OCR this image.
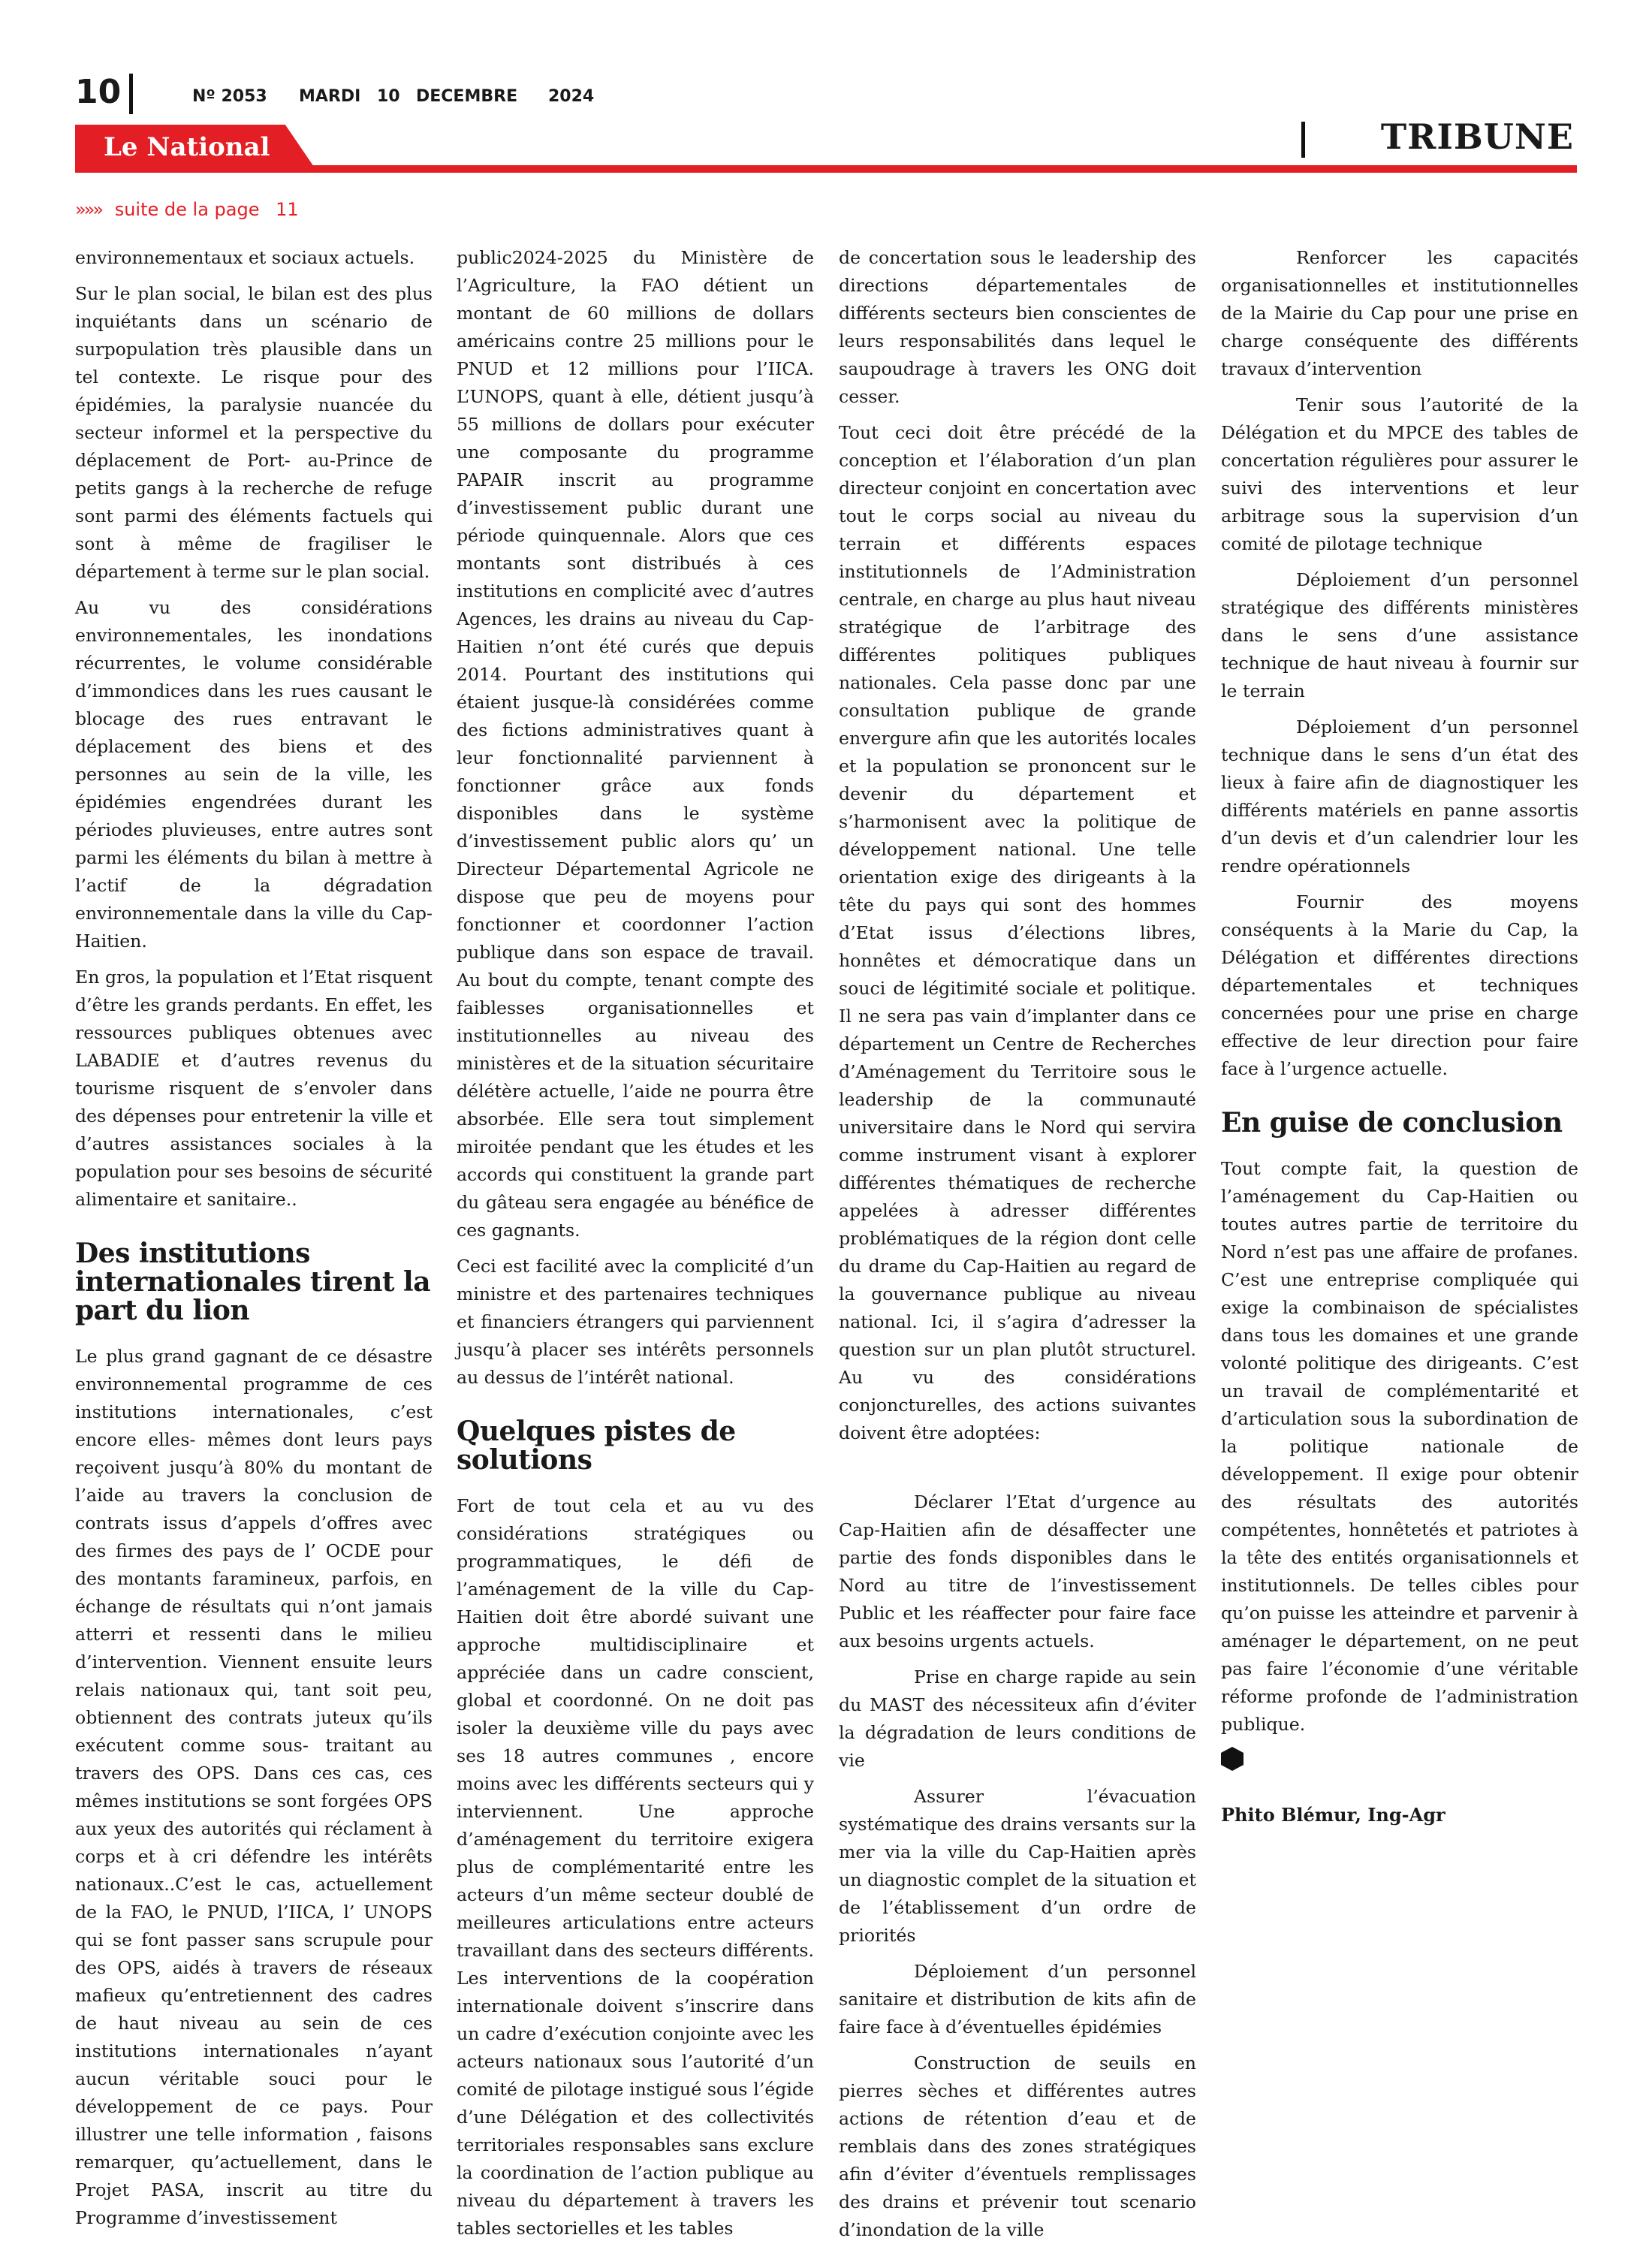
10	Nº 2053 MARDI 10 DECEMBRE 2024
TRIBUNE
Le National
»»» suite de la page 11

environnementaux et sociaux actuels.

Sur le plan social, le bilan est des plus inquiétants dans un scénario de surpopulation très plausible dans un tel contexte. Le risque pour des épidémies, la paralysie nuancée du secteur informel et la perspective du déplacement de Port- au-Prince de petits gangs à la recherche de refuge sont parmi des éléments factuels qui sont à même de fragiliser le département à terme sur le plan social.

Au vu des considérations environnementales, les inondations récurrentes, le volume considérable d’immondices dans les rues causant le blocage des rues entravant le déplacement des biens et des personnes au sein de la ville, les épidémies engendrées durant les périodes pluvieuses, entre autres sont parmi les éléments du bilan à mettre à l’actif de la dégradation environnementale dans la ville du Cap-Haitien.

En gros, la population et l’Etat risquent d’être les grands perdants. En effet, les ressources publiques obtenues avec LABADIE et d’autres revenus du tourisme risquent de s’envoler dans des dépenses pour entretenir la ville et d’autres assistances sociales à la population pour ses besoins de sécurité alimentaire et sanitaire..

Des institutions internationales tirent la part du lion

Le plus grand gagnant de ce désastre environnemental programme de ces institutions internationales, c’est encore elles- mêmes dont leurs pays reçoivent jusqu’à 80% du montant de l’aide au travers la conclusion de contrats issus d’appels d’offres avec des firmes des pays de l’ OCDE pour des montants faramineux, parfois, en échange de résultats qui n’ont jamais atterri et ressenti dans le milieu d’intervention. Viennent ensuite leurs relais nationaux qui, tant soit peu, obtiennent des contrats juteux qu’ils exécutent comme sous- traitant au travers des OPS. Dans ces cas, ces mêmes institutions se sont forgées OPS aux yeux des autorités qui réclament à corps et à cri défendre les intérêts nationaux..C’est le cas, actuellement de la FAO, le PNUD, l’IICA, l’ UNOPS qui se font passer sans scrupule pour des OPS, aidés à travers de réseaux mafieux qu’entretiennent des cadres de haut niveau au sein de ces institutions internationales n’ayant aucun véritable souci pour le développement de ce pays. Pour illustrer une telle information , faisons remarquer, qu’actuellement, dans le Projet PASA, inscrit au titre du Programme d’investissement

public2024-2025 du Ministère de l’Agriculture, la FAO détient un montant de 60 millions de dollars américains contre 25 millions pour le PNUD et 12 millions pour l’IICA. L’UNOPS, quant à elle, détient jusqu’à 55 millions de dollars pour exécuter une composante du programme PAPAIR inscrit au programme d’investissement public durant une période quinquennale. Alors que ces montants sont distribués à ces institutions en complicité avec d’autres Agences, les drains au niveau du Cap-Haitien n’ont été curés que depuis 2014. Pourtant des institutions qui étaient jusque-là considérées comme des fictions administratives quant à leur fonctionnalité parviennent à fonctionner grâce aux fonds disponibles dans le système d’investissement public alors qu’ un Directeur Départemental Agricole ne dispose que peu de moyens pour fonctionner et coordonner l’action publique dans son espace de travail. Au bout du compte, tenant compte des faiblesses organisationnelles et institutionnelles au niveau des ministères et de la situation sécuritaire délétère actuelle, l’aide ne pourra être absorbée. Elle sera tout simplement miroitée pendant que les études et les accords qui constituent la grande part du gâteau sera engagée au bénéfice de ces gagnants.

Ceci est facilité avec la complicité d’un ministre et des partenaires techniques et financiers étrangers qui parviennent jusqu’à placer ses intérêts personnels au dessus de l’intérêt national.

Quelques pistes de solutions

Fort de tout cela et au vu des considérations stratégiques ou programmatiques, le défi de l’aménagement de la ville du Cap-Haitien doit être abordé suivant une approche multidisciplinaire et appréciée dans un cadre conscient, global et coordonné. On ne doit pas isoler la deuxième ville du pays avec ses 18 autres communes , encore moins avec les différents secteurs qui y interviennent. Une approche d’aménagement du territoire exigera plus de complémentarité entre les acteurs d’un même secteur doublé de meilleures articulations entre acteurs travaillant dans des secteurs différents. Les interventions de la coopération internationale doivent s’inscrire dans un cadre d’exécution conjointe avec les acteurs nationaux sous l’autorité d’un comité de pilotage instigué sous l’égide d’une Délégation et des collectivités territoriales responsables sans exclure la coordination de l’action publique au niveau du département à travers les tables sectorielles et les tables

de concertation sous le leadership des directions départementales de différents secteurs bien conscientes de leurs responsabilités dans lequel le saupoudrage à travers les ONG doit cesser.

Tout ceci doit être précédé de la conception et l’élaboration d’un plan directeur conjoint en concertation avec tout le corps social au niveau du terrain et différents espaces institutionnels de l’Administration centrale, en charge au plus haut niveau stratégique de l’arbitrage des différentes politiques publiques nationales. Cela passe donc par une consultation publique de grande envergure afin que les autorités locales et la population se prononcent sur le devenir du département et s’harmonisent avec la politique de développement national. Une telle orientation exige des dirigeants à la tête du pays qui sont des hommes d’Etat issus d’élections libres, honnêtes et démocratique dans un souci de légitimité sociale et politique. Il ne sera pas vain d’implanter dans ce département un Centre de Recherches d’Aménagement du Territoire sous le leadership de la communauté universitaire dans le Nord qui servira comme instrument visant à explorer différentes thématiques de recherche appelées à adresser différentes problématiques de la région dont celle du drame du Cap-Haitien au regard de la gouvernance publique au niveau national. Ici, il s’agira d’adresser la question sur un plan plutôt structurel. Au vu des considérations conjoncturelles, des actions suivantes doivent être adoptées:

Déclarer l’Etat d’urgence au Cap-Haitien afin de désaffecter une partie des fonds disponibles dans le Nord au titre de l’investissement Public et les réaffecter pour faire face aux besoins urgents actuels.

Prise en charge rapide au sein du MAST des nécessiteux afin d’éviter la dégradation de leurs conditions de vie

Assurer l’évacuation systématique des drains versants sur la mer via la ville du Cap-Haitien après un diagnostic complet de la situation et de l’établissement d’un ordre de priorités

Déploiement d’un personnel sanitaire et distribution de kits afin de faire face à d’éventuelles épidémies

Construction de seuils en pierres sèches et différentes autres actions de rétention d’eau et de remblais dans des zones stratégiques afin d’éviter d’éventuels remplissages des drains et prévenir tout scenario d’inondation de la ville

Renforcer les capacités organisationnelles et institutionnelles de la Mairie du Cap pour une prise en charge conséquente des différents travaux d’intervention

Tenir sous l’autorité de la Délégation et du MPCE des tables de concertation régulières pour assurer le suivi des interventions et leur arbitrage sous la supervision d’un comité de pilotage technique

Déploiement d’un personnel stratégique des différents ministères dans le sens d’une assistance technique de haut niveau à fournir sur le terrain

Déploiement d’un personnel technique dans le sens d’un état des lieux à faire afin de diagnostiquer les différents matériels en panne assortis d’un devis et d’un calendrier lour les rendre opérationnels

Fournir des moyens conséquents à la Marie du Cap, la Délégation et différentes directions départementales et techniques concernées pour une prise en charge effective de leur direction pour faire face à l’urgence actuelle.

En guise de conclusion

Tout compte fait, la question de l’aménagement du Cap-Haitien ou toutes autres partie de territoire du Nord n’est pas une affaire de profanes. C’est une entreprise compliquée qui exige la combinaison de spécialistes dans tous les domaines et une grande volonté politique des dirigeants. C’est un travail de complémentarité et d’articulation sous la subordination de la politique nationale de développement. Il exige pour obtenir des résultats des autorités compétentes, honnêtetés et patriotes à la tête des entités organisationnels et institutionnels. De telles cibles pour qu’on puisse les atteindre et parvenir à aménager le département, on ne peut pas faire l’économie d’une véritable réforme profonde de l’administration publique.

Phito Blémur, Ing-Agr
